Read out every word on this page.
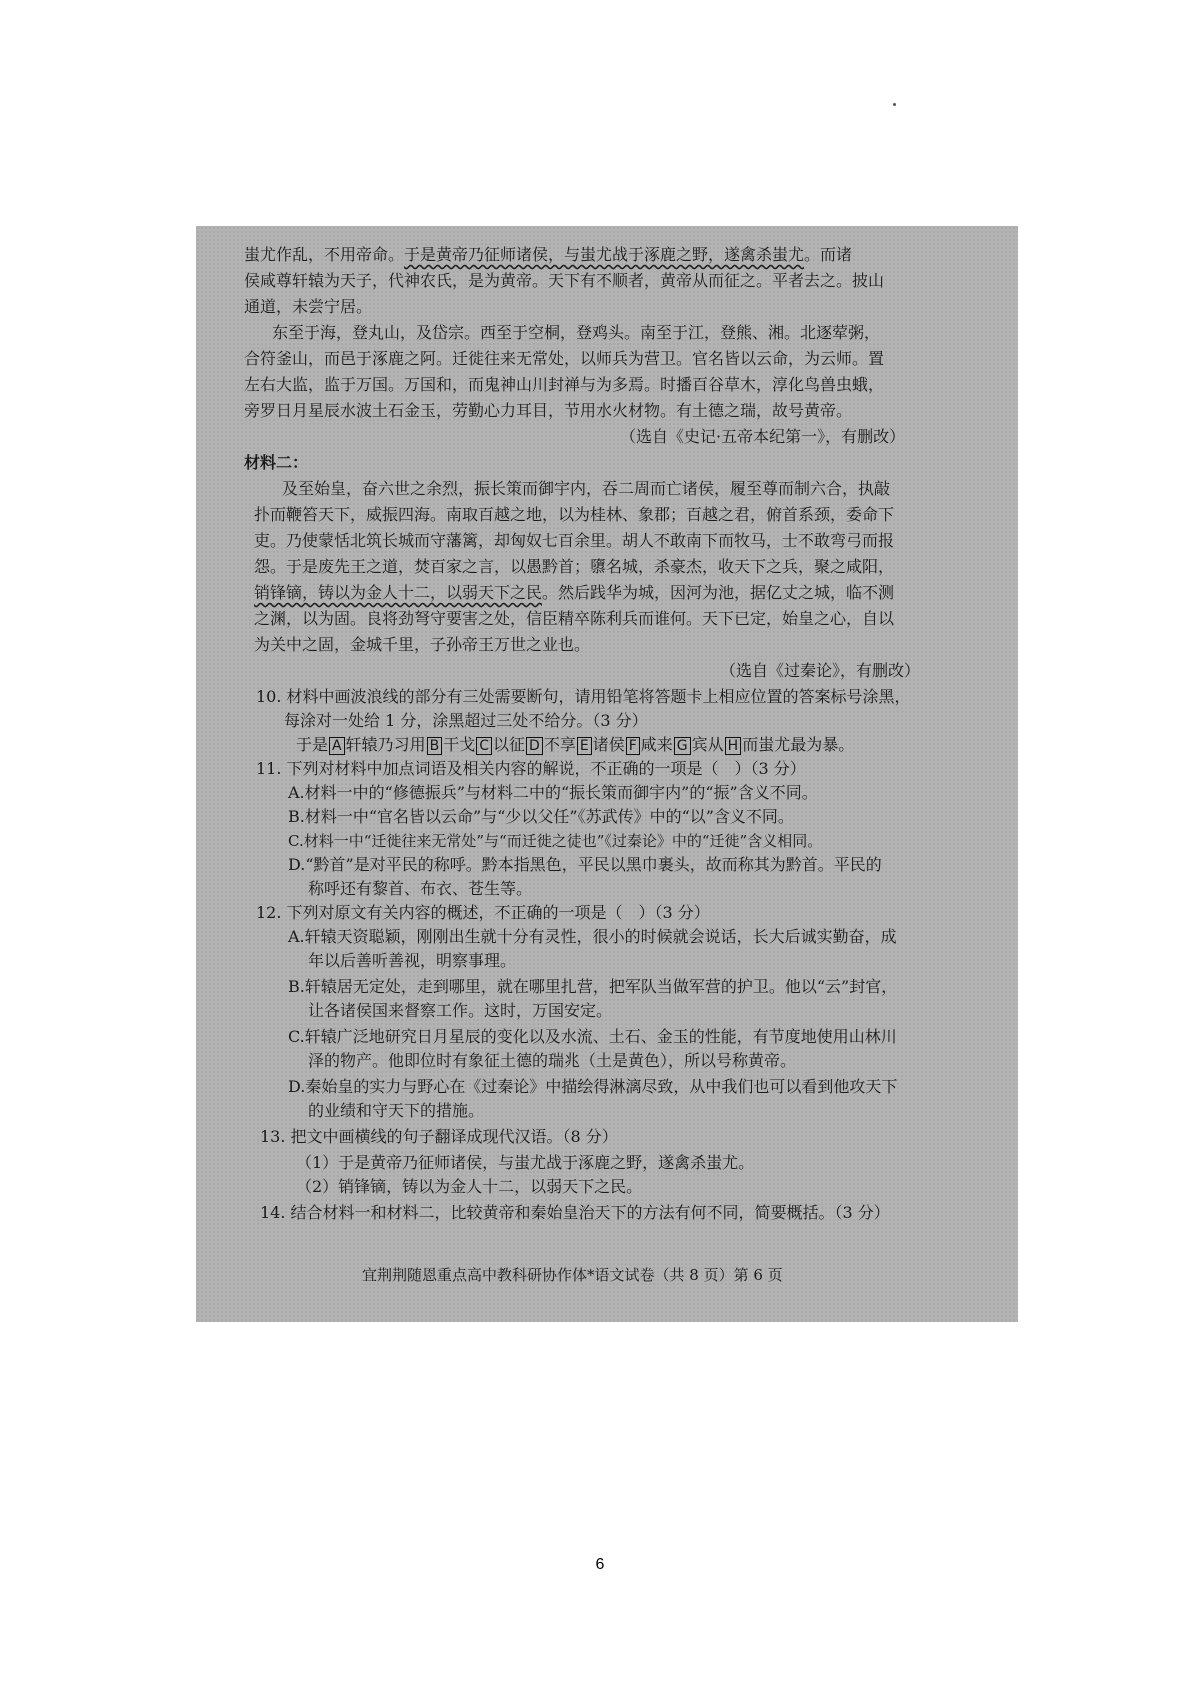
蚩尤作乱，不用帝命。于是黄帝乃征师诸侯，与蚩尤战于涿鹿之野，遂禽杀蚩尤。而诸
侯咸尊轩辕为天子，代神农氏，是为黄帝。天下有不顺者，黄帝从而征之。平者去之。披山
通道，未尝宁居。
东至于海，登丸山，及岱宗。西至于空桐，登鸡头。南至于江，登熊、湘。北逐荤粥，
合符釜山，而邑于涿鹿之阿。迁徙往来无常处，以师兵为营卫。官名皆以云命，为云师。置
左右大监，监于万国。万国和，而鬼神山川封禅与为多焉。时播百谷草木，淳化鸟兽虫蛾，
旁罗日月星辰水波土石金玉，劳勤心力耳目，节用水火材物。有土德之瑞，故号黄帝。
（选自《史记·五帝本纪第一》，有删改）
材料二：
及至始皇，奋六世之余烈，振长策而御宇内，吞二周而亡诸侯，履至尊而制六合，执敲
扑而鞭笞天下，威振四海。南取百越之地，以为桂林、象郡；百越之君，俯首系颈，委命下
吏。乃使蒙恬北筑长城而守藩篱，却匈奴七百余里。胡人不敢南下而牧马，士不敢弯弓而报
怨。于是废先王之道，焚百家之言，以愚黔首；隳名城，杀豪杰，收天下之兵，聚之咸阳，
销锋镝，铸以为金人十二，以弱天下之民。然后践华为城，因河为池，据亿丈之城，临不测
之渊，以为固。良将劲弩守要害之处，信臣精卒陈利兵而谁何。天下已定，始皇之心，自以
为关中之固，金城千里，子孙帝王万世之业也。
（选自《过秦论》，有删改）
10. 材料中画波浪线的部分有三处需要断句，请用铅笔将答题卡上相应位置的答案标号涂黑，
每涂对一处给 1 分，涂黑超过三处不给分。（3 分）
于是 A 轩辕乃习用 B 干戈 C 以征 D 不享 E 诸侯 F 咸来 G 宾从 H 而蚩尤最为暴。
11. 下列对材料中加点词语及相关内容的解说，不正确的一项是（　）（3 分）
A.材料一中的“修德振兵”与材料二中的“振长策而御宇内”的“振”含义不同。
B.材料一中“官名皆以云命”与“少以父任”《苏武传》中的“以”含义不同。
C.材料一中“迁徙往来无常处”与“而迁徙之徒也”《过秦论》中的“迁徙”含义相同。
D.“黔首”是对平民的称呼。黔本指黑色，平民以黑巾裹头，故而称其为黔首。平民的
称呼还有黎首、布衣、苍生等。
12. 下列对原文有关内容的概述，不正确的一项是（　）（3 分）
A.轩辕天资聪颖，刚刚出生就十分有灵性，很小的时候就会说话，长大后诚实勤奋，成
年以后善听善视，明察事理。
B.轩辕居无定处，走到哪里，就在哪里扎营，把军队当做军营的护卫。他以“云”封官，
让各诸侯国来督察工作。这时，万国安定。
C.轩辕广泛地研究日月星辰的变化以及水流、土石、金玉的性能，有节度地使用山林川
泽的物产。他即位时有象征土德的瑞兆（土是黄色），所以号称黄帝。
D.秦始皇的实力与野心在《过秦论》中描绘得淋漓尽致，从中我们也可以看到他攻天下
的业绩和守天下的措施。
13. 把文中画横线的句子翻译成现代汉语。（8 分）
（1）于是黄帝乃征师诸侯，与蚩尤战于涿鹿之野，遂禽杀蚩尤。
（2）销锋镝，铸以为金人十二，以弱天下之民。
14. 结合材料一和材料二，比较黄帝和秦始皇治天下的方法有何不同，简要概括。（3 分）
宜荆荆随恩重点高中教科研协作体*语文试卷（共 8 页）第 6 页
6
